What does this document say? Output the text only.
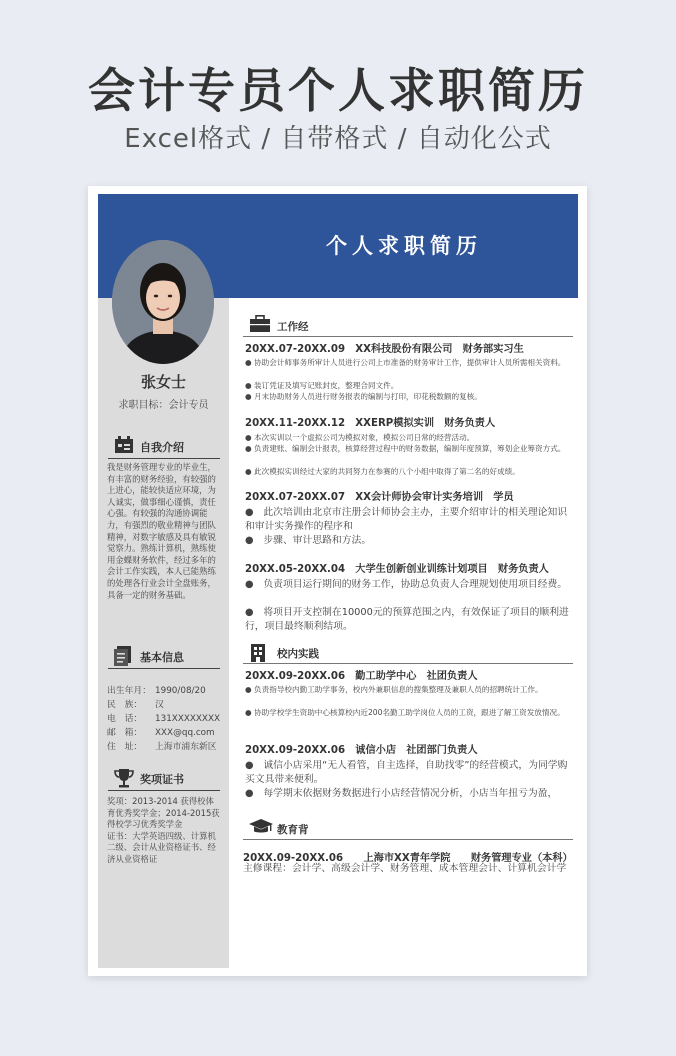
会计专员个人求职简历
Excel格式 / 自带格式 / 自动化公式
个人求职简历
张女士
求职目标：会计专员
自我介绍
我是财务管理专业的毕业生，有丰富的财务经验，有较强的上进心，能较快适应环境，为人诚实，做事细心谨慎，责任心强。有较强的沟通协调能力，有强烈的敬业精神与团队精神，对数字敏感及具有敏锐觉察力。熟练计算机，熟练使用金蝶财务软件，经过多年的会计工作实践，本人已能熟练的处理各行业会计全盘账务，具备一定的财务基础。
基本信息
出生年月： 1990/08/20
民　族： 汉
电　话： 131XXXXXXXX
邮　箱： XXX@qq.com
住　址： 上海市浦东新区
奖项证书
奖项：2013-2014 获得校体育优秀奖学金；2014-2015获得校学习优秀奖学金
证书：大学英语四级、计算机二级、会计从业资格证书、经济从业资格证
工作经
20XX.07-20XX.09　XX科技股份有限公司　财务部实习生
● 协助会计师事务所审计人员进行公司上市准备的财务审计工作，提供审计人员所需相关资料。
● 装订凭证及填写记账封皮，整理合同文件。
● 月末协助财务人员进行财务报表的编制与打印，印花税数额的复核。
20XX.11-20XX.12　XXERP模拟实训　财务负责人
● 本次实训以一个虚拟公司为模拟对象，模拟公司日常的经营活动。
● 负责建账、编制会计报表，核算经营过程中的财务数据，编制年度预算，筹划企业筹资方式。
● 此次模拟实训经过大家的共同努力在参赛的八个小组中取得了第二名的好成绩。
20XX.07-20XX.07　XX会计师协会审计实务培训　学员
●　此次培训由北京市注册会计师协会主办，主要介绍审计的相关理论知识和审计实务操作的程序和
●　步骤、审计思路和方法。
20XX.05-20XX.04　大学生创新创业训练计划项目　财务负责人
●　负责项目运行期间的财务工作，协助总负责人合理规划使用项目经费。
●　将项目开支控制在10000元的预算范围之内，有效保证了项目的顺利进行，项目最终顺利结项。
校内实践
20XX.09-20XX.06　勤工助学中心　社团负责人
● 负责指导校内勤工助学事务，校内外兼职信息的搜集整理及兼职人员的招聘统计工作。
● 协助学校学生资助中心核算校内近200名勤工助学岗位人员的工资，跟进了解工资发放情况。
20XX.09-20XX.06　诚信小店　社团部门负责人
●　诚信小店采用“无人看管，自主选择，自助找零”的经营模式，为同学购买文具带来便利。
●　每学期末依据财务数据进行小店经营情况分析，小店当年扭亏为盈，
教育背
20XX.09-20XX.06　　上海市XX青年学院　　财务管理专业（本科）
主修课程：会计学、高级会计学、财务管理、成本管理会计、计算机会计学
